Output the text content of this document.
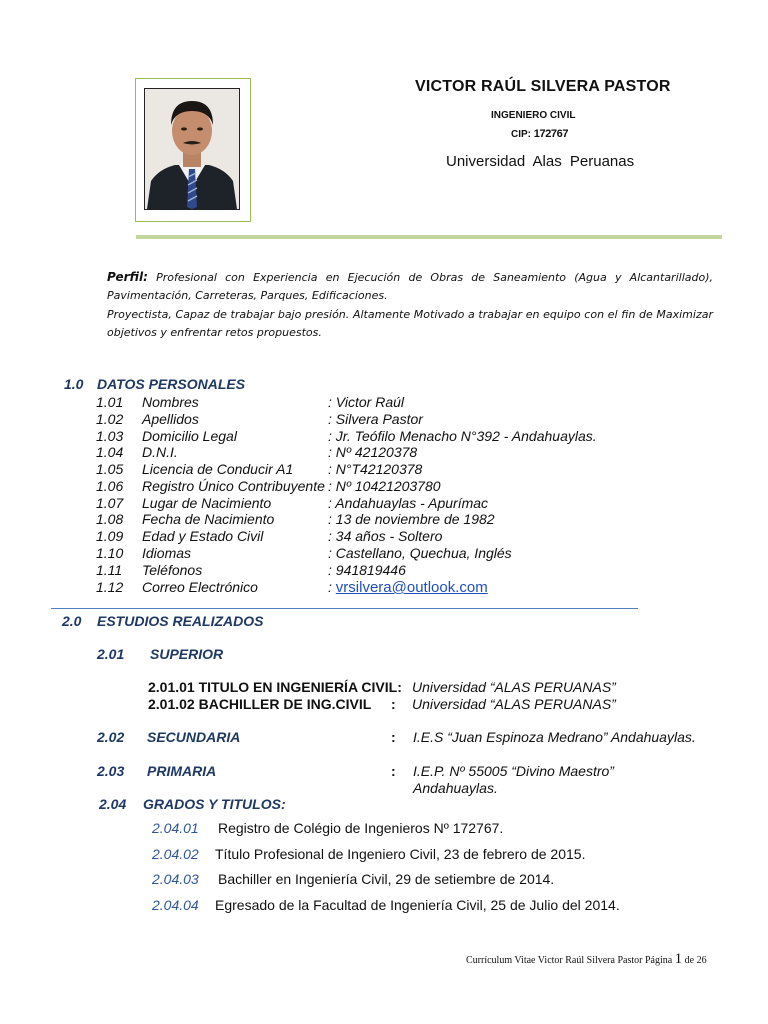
VICTOR RAÚL SILVERA PASTOR
INGENIERO CIVIL
CIP: 172767
Universidad Alas Peruanas
Perfil: Profesional con Experiencia en Ejecución de Obras de Saneamiento (Agua y Alcantarillado), Pavimentación, Carreteras, Parques, Edificaciones.
Proyectista, Capaz de trabajar bajo presión. Altamente Motivado a trabajar en equipo con el fin de Maximizar objetivos y enfrentar retos propuestos.
1.0 DATOS PERSONALES
1.01 Nombres	: Victor Raúl
1.02 Apellidos	: Silvera Pastor
1.03 Domicilio Legal	: Jr. Teófilo Menacho N°392 - Andahuaylas.
1.04 D.N.I.	: Nº 42120378
1.05 Licencia de Conducir A1 : N°T42120378
1.06 Registro Único Contribuyente : Nº 10421203780
1.07 Lugar de Nacimiento	: Andahuaylas - Apurímac
1.08 Fecha de Nacimiento	: 13 de noviembre de 1982
1.09 Edad y Estado Civil	: 34 años - Soltero
1.10 Idiomas	: Castellano, Quechua, Inglés
1.11 Teléfonos	: 941819446
1.12 Correo Electrónico	: vrsilvera@outlook.com
2.0 ESTUDIOS REALIZADOS
2.01 SUPERIOR
2.01.01 TITULO EN INGENIERÍA CIVIL: Universidad “ALAS PERUANAS”
2.01.02 BACHILLER DE ING.CIVIL : Universidad “ALAS PERUANAS”
2.02 SECUNDARIA	: I.E.S “Juan Espinoza Medrano” Andahuaylas.
2.03 PRIMARIA	: I.E.P. Nº 55005 “Divino Maestro”
Andahuaylas.
2.04 GRADOS Y TITULOS:
2.04.01 Registro de Colégio de Ingenieros Nº 172767.
2.04.02 Título Profesional de Ingeniero Civil, 23 de febrero de 2015.
2.04.03 Bachiller en Ingeniería Civil, 29 de setiembre de 2014.
2.04.04 Egresado de la Facultad de Ingeniería Civil, 25 de Julio del 2014.
Currículum Vitae Victor Raúl Silvera Pastor Página 1 de 26
